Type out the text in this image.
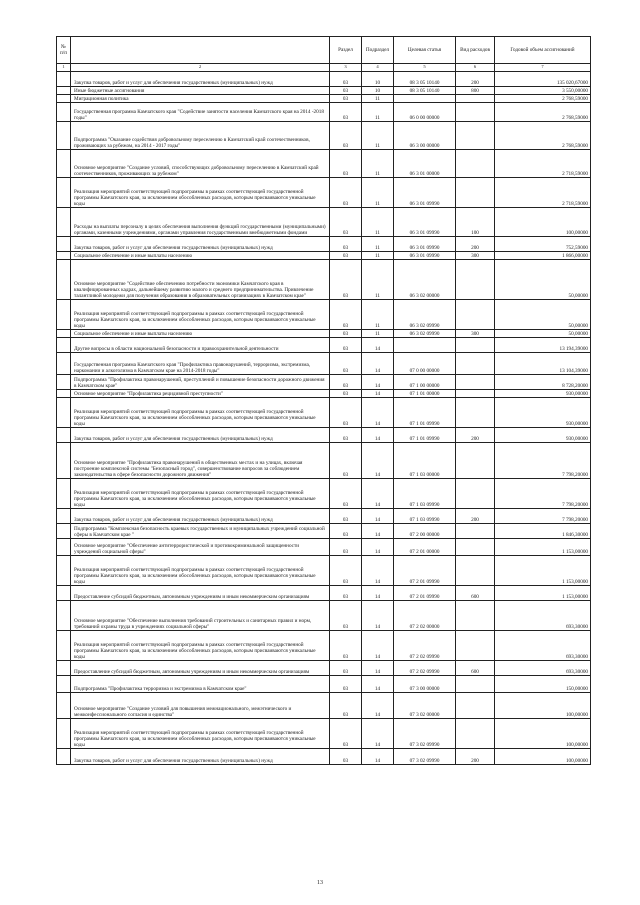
№ п/п		Раздел	Подраздел	Целевая статья	Вид расходов	Годовой объем ассигнований
1	2	3	4	5	6	7
	Закупка товаров, работ и услуг для обеспечения государственных (муниципальных) нужд	03	10	08 3 05 10140	200	135 020,67000
	Иные бюджетные ассигнования	03	10	08 3 05 10140	800	3 550,00000
	Миграционная политика	03	11			2 768,59000
	Государственная программа Камчатского края "Содействие занятости населения Камчатского края на 2014 -2018 годы"	03	11	06 0 00 00000		2 768,59000
	Подпрограмма "Оказание содействия добровольному переселению в Камчатский край соотечественников, проживающих за рубежом, на 2014 - 2017 годы"	03	11	06 3 00 00000		2 768,59000
	Основное мероприятие "Создание условий, способствующих добровольному переселению в Камчатский край соотечественников, проживающих за рубежом"	03	11	06 3 01 00000		2 718,59000
	Реализация мероприятий соответствующей подпрограммы в рамках соответствующей государственной программы Камчатского края, за исключением обособленных расходов, которым присваиваются уникальные коды	03	11	06 3 01 09990		2 718,59000
	Расходы на выплаты персоналу в целях обеспечения выполнения функций государственными (муниципальными) органами, казенными учреждениями, органами управления государственными внебюджетными фондами	03	11	06 3 01 09990	100	100,00000
	Закупка товаров, работ и услуг для обеспечения государственных (муниципальных) нужд	03	11	06 3 01 09990	200	752,59000
	Социальное обеспечение и иные выплаты населению	03	11	06 3 01 09990	300	1 866,00000
	Основное мероприятие "Содействие обеспечению потребности экономики Камчатского края в квалифицированных кадрах, дальнейшему развитию малого и среднего предпринимательства. Привлечение талантливой молодежи для получения образования в образовательных организациях в Камчатском крае"	03	11	06 3 02 00000		50,00000
	Реализация мероприятий соответствующей подпрограммы в рамках соответствующей государственной программы Камчатского края, за исключением обособленных расходов, которым присваиваются уникальные коды	03	11	06 3 02 09990		50,00000
	Социальное обеспечение и иные выплаты населению	03	11	06 3 02 09990	300	50,00000
	Другие вопросы в области национальной безопасности и правоохранительной деятельности	03	14			13 194,39000
	Государственная программа Камчатского края "Профилактика правонарушений, терроризма, экстремизма, наркомании и алкоголизма в Камчатском крае на 2014-2018 годы"	03	14	07 0 00 00000		13 104,39000
	Подпрограмма "Профилактика правонарушений, преступлений и повышение безопасности дорожного движения в Камчатском крае"	03	14	07 1 00 00000		8 728,20000
	Основное мероприятие "Профилактика рецидивной преступности"	03	14	07 1 01 00000		930,00000
	Реализация мероприятий соответствующей подпрограммы в рамках соответствующей государственной программы Камчатского края, за исключением обособленных расходов, которым присваиваются уникальные коды	03	14	07 1 01 09990		930,00000
	Закупка товаров, работ и услуг для обеспечения государственных (муниципальных) нужд	03	14	07 1 01 09990	200	930,00000
	Основное мероприятие "Профилактика правонарушений в общественных местах и на улицах, включая построение комплексной системы "Безопасный город", совершенствование вопросов за соблюдением законодательства в сфере безопасности дорожного движения"	03	14	07 1 03 00000		7 798,20000
	Реализация мероприятий соответствующей подпрограммы в рамках соответствующей государственной программы Камчатского края, за исключением обособленных расходов, которым присваиваются уникальные коды	03	14	07 1 03 09990		7 798,20000
	Закупка товаров, работ и услуг для обеспечения государственных (муниципальных) нужд	03	14	07 1 03 09990	200	7 798,20000
	Подпрограмма "Комплексная безопасность краевых государственных и муниципальных учреждений социальной сферы в Камчатском крае "	03	14	07 2 00 00000		1 846,30000
	Основное мероприятие "Обеспечение антитеррористической и противокриминальной защищенности учреждений социальной сферы"	03	14	07 2 01 00000		1 153,00000
	Реализация мероприятий соответствующей подпрограммы в рамках соответствующей государственной программы Камчатского края, за исключением обособленных расходов, которым присваиваются уникальные коды	03	14	07 2 01 09990		1 153,00000
	Предоставление субсидий бюджетным, автономным учреждениям и иным некоммерческим организациям	03	14	07 2 01 09990	600	1 153,00000
	Основное мероприятие "Обеспечение выполнения требований строительных и санитарных правил и норм, требований охраны труда в учреждениях социальной сферы"	03	14	07 2 02 00000		693,30000
	Реализация мероприятий соответствующей подпрограммы в рамках соответствующей государственной программы Камчатского края, за исключением обособленных расходов, которым присваиваются уникальные коды	03	14	07 2 02 09990		693,30000
	Предоставление субсидий бюджетным, автономным учреждениям и иным некоммерческим организациям	03	14	07 2 02 09990	600	693,30000
	Подпрограмма "Профилактика терроризма и экстремизма в Камчатском крае"	03	14	07 3 00 00000		150,00000
	Основное мероприятие "Создание условий для повышения межнационального, межэтнического и межконфессионального согласия и единства"	03	14	07 3 02 00000		100,00000
	Реализация мероприятий соответствующей подпрограммы в рамках соответствующей государственной программы Камчатского края, за исключением обособленных расходов, которым присваиваются уникальные коды	03	14	07 3 02 09990		100,00000
	Закупка товаров, работ и услуг для обеспечения государственных (муниципальных) нужд	03	14	07 3 02 09990	200	100,00000
13
